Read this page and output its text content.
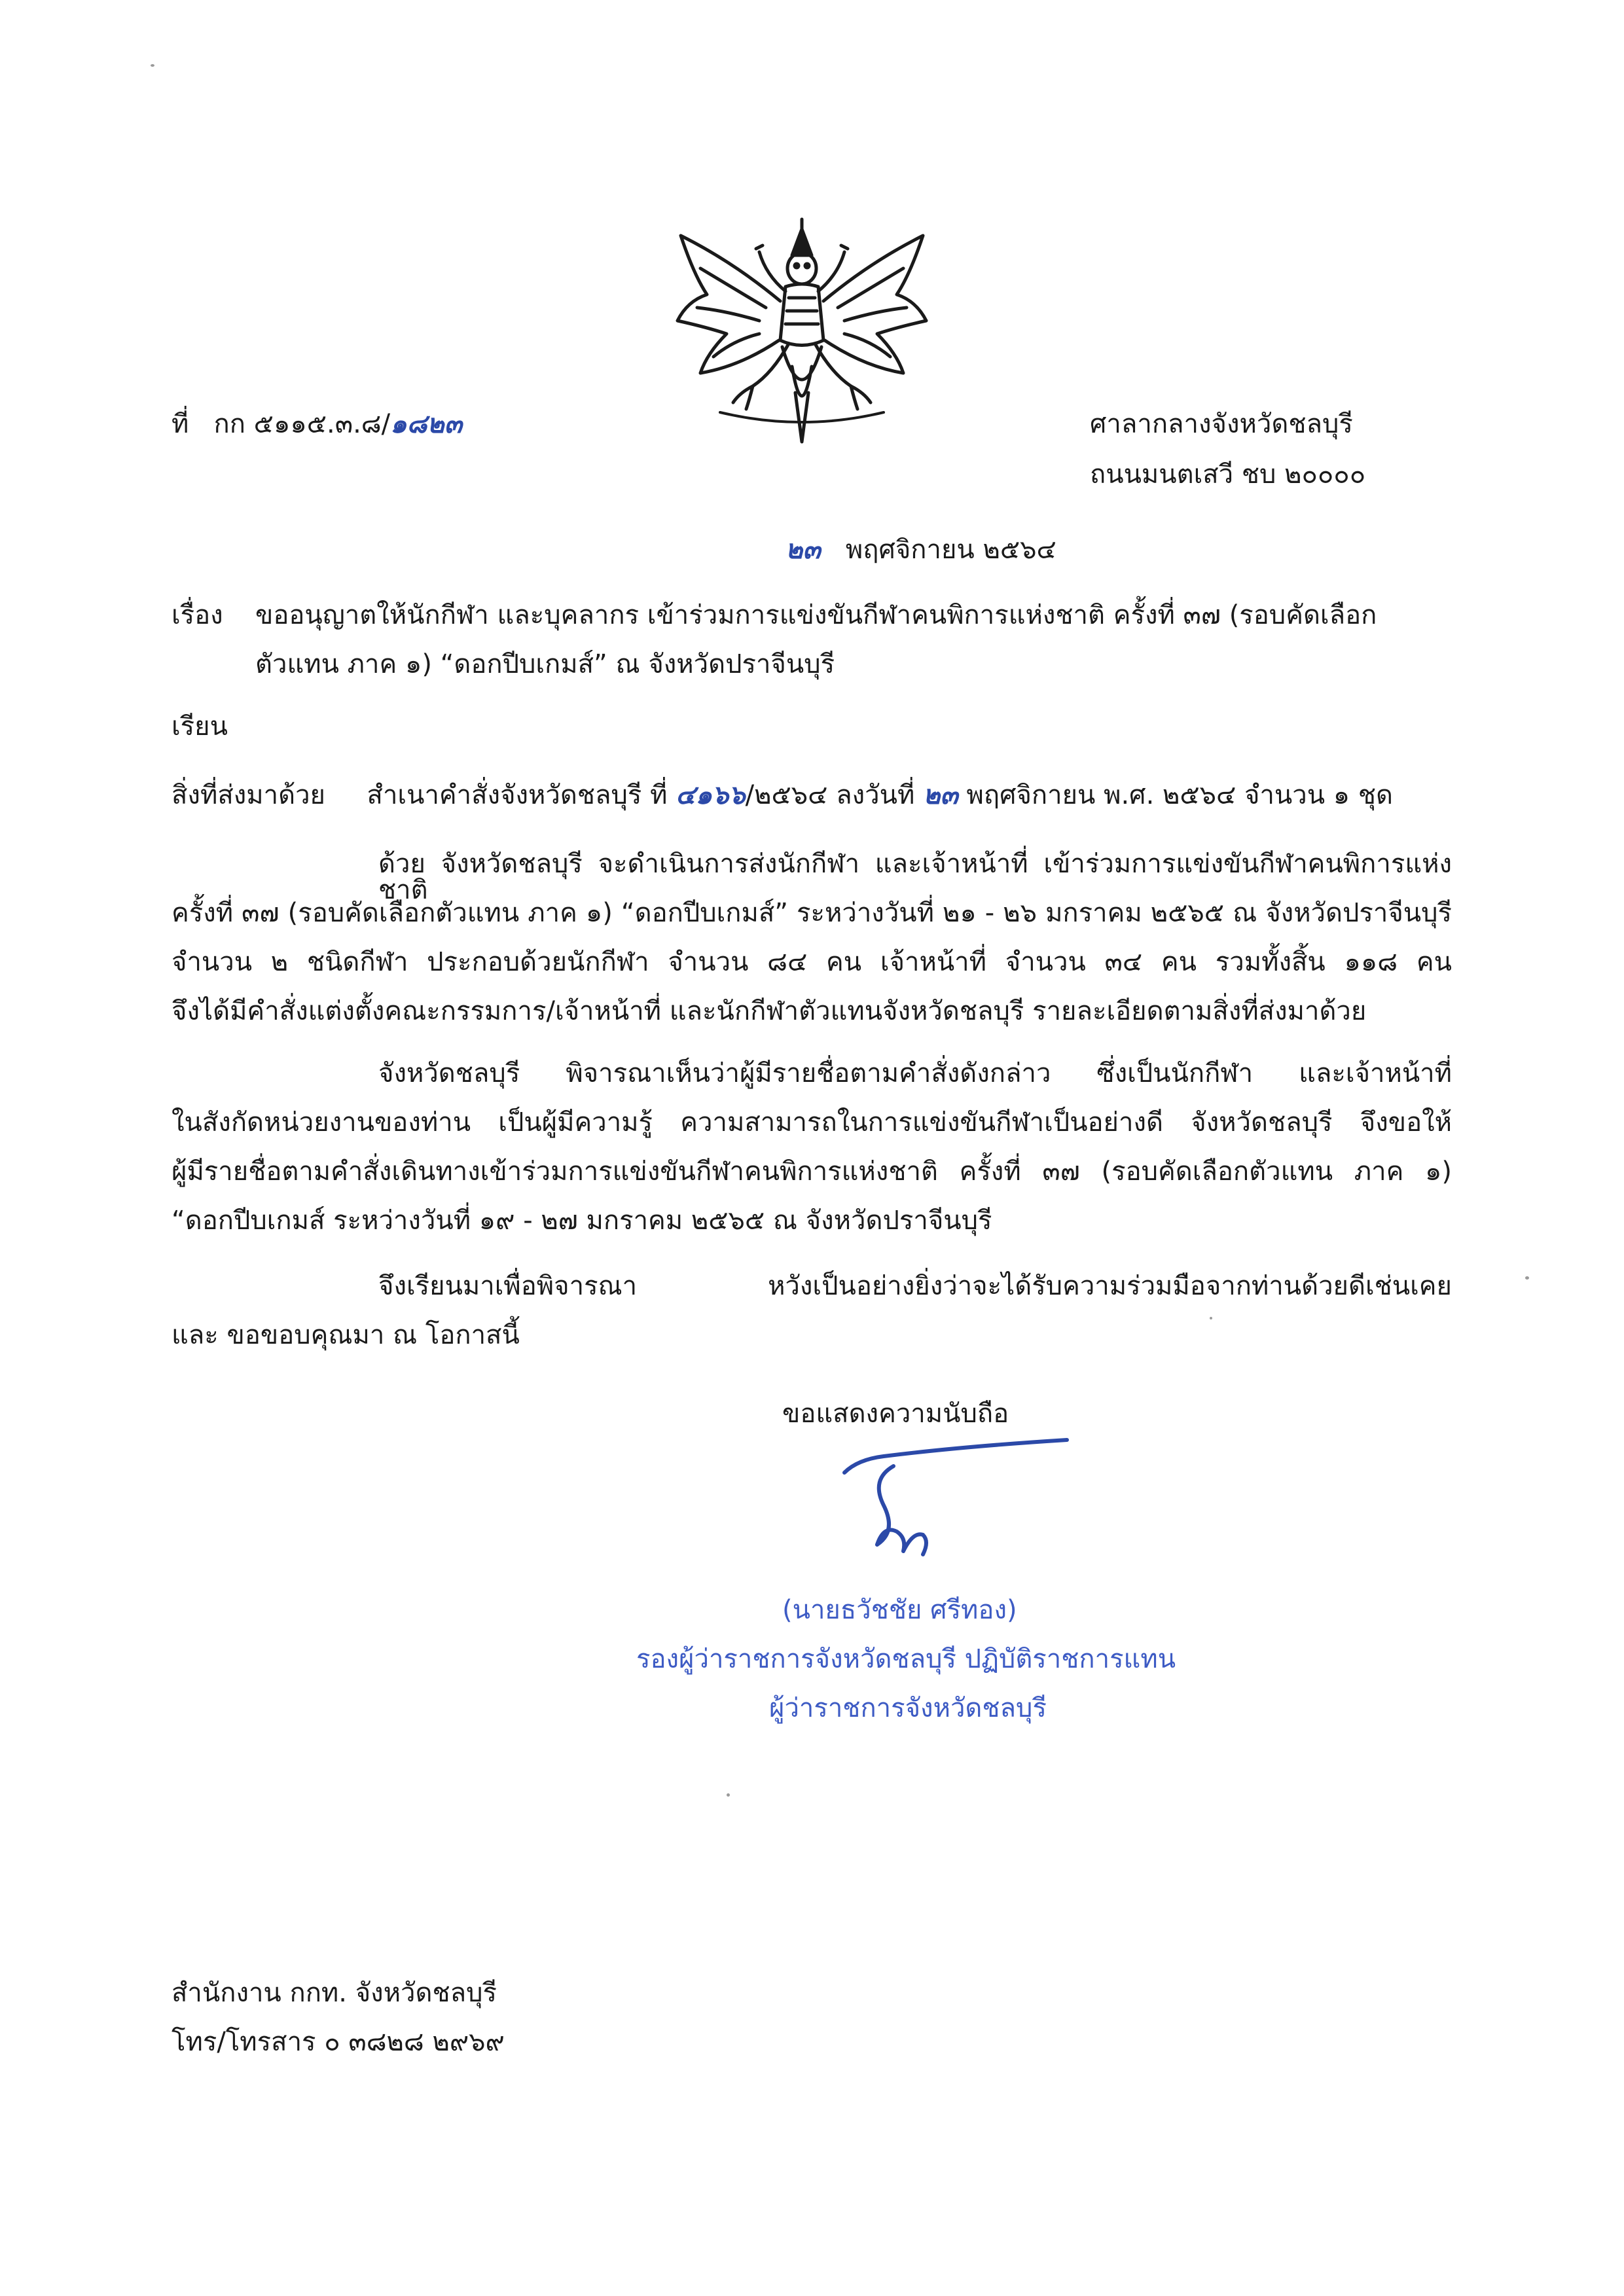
ที่ กก ๕๑๑๕.๓.๘/๑๘๒๓	ศาลากลางจังหวัดชลบุรี
ถนนมนตเสวี ชบ ๒๐๐๐๐
๒๓ พฤศจิกายน ๒๕๖๔
เรื่อง ขออนุญาตให้นักกีฬา และบุคลากร เข้าร่วมการแข่งขันกีฬาคนพิการแห่งชาติ ครั้งที่ ๓๗ (รอบคัดเลือก
ตัวแทน ภาค ๑) “ดอกปีบเกมส์” ณ จังหวัดปราจีนบุรี
เรียน
สิ่งที่ส่งมาด้วย สำเนาคำสั่งจังหวัดชลบุรี ที่ ๔๑๖๖/๒๕๖๔ ลงวันที่ ๒๓ พฤศจิกายน พ.ศ. ๒๕๖๔ จำนวน ๑ ชุด
ด้วย จังหวัดชลบุรี จะดำเนินการส่งนักกีฬา และเจ้าหน้าที่ เข้าร่วมการแข่งขันกีฬาคนพิการแห่งชาติ
ครั้งที่ ๓๗ (รอบคัดเลือกตัวแทน ภาค ๑) “ดอกปีบเกมส์” ระหว่างวันที่ ๒๑ - ๒๖ มกราคม ๒๕๖๕ ณ จังหวัดปราจีนบุรี
จำนวน ๒ ชนิดกีฬา ประกอบด้วยนักกีฬา จำนวน ๘๔ คน เจ้าหน้าที่ จำนวน ๓๔ คน รวมทั้งสิ้น ๑๑๘ คน
จึงได้มีคำสั่งแต่งตั้งคณะกรรมการ/เจ้าหน้าที่ และนักกีฬาตัวแทนจังหวัดชลบุรี รายละเอียดตามสิ่งที่ส่งมาด้วย
จังหวัดชลบุรี พิจารณาเห็นว่าผู้มีรายชื่อตามคำสั่งดังกล่าว ซึ่งเป็นนักกีฬา และเจ้าหน้าที่
ในสังกัดหน่วยงานของท่าน เป็นผู้มีความรู้ ความสามารถในการแข่งขันกีฬาเป็นอย่างดี จังหวัดชลบุรี จึงขอให้
ผู้มีรายชื่อตามคำสั่งเดินทางเข้าร่วมการแข่งขันกีฬาคนพิการแห่งชาติ ครั้งที่ ๓๗ (รอบคัดเลือกตัวแทน ภาค ๑)
“ดอกปีบเกมส์ ระหว่างวันที่ ๑๙ - ๒๗ มกราคม ๒๕๖๕ ณ จังหวัดปราจีนบุรี
จึงเรียนมาเพื่อพิจารณา หวังเป็นอย่างยิ่งว่าจะได้รับความร่วมมือจากท่านด้วยดีเช่นเคย
และ ขอขอบคุณมา ณ โอกาสนี้
ขอแสดงความนับถือ
(นายธวัชชัย ศรีทอง)
รองผู้ว่าราชการจังหวัดชลบุรี ปฏิบัติราชการแทน
ผู้ว่าราชการจังหวัดชลบุรี
สำนักงาน กกท. จังหวัดชลบุรี
โทร/โทรสาร ๐ ๓๘๒๘ ๒๙๖๙
